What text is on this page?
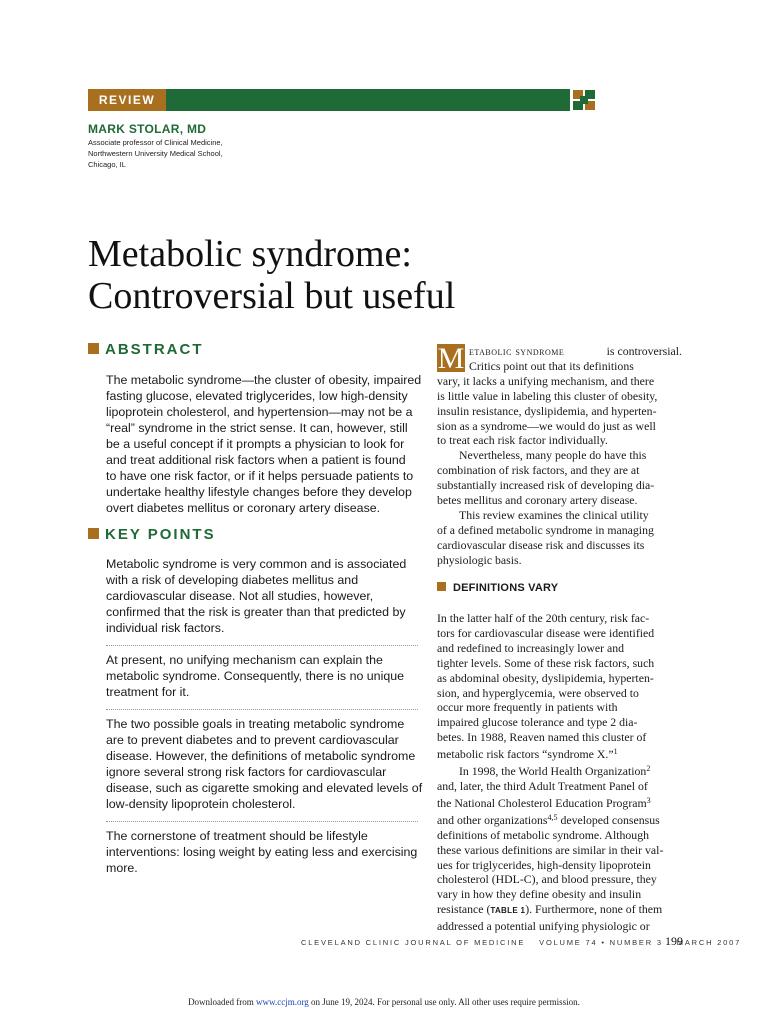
REVIEW
MARK STOLAR, MD
Associate professor of Clinical Medicine,
Northwestern University Medical School,
Chicago, IL
Metabolic syndrome:
Controversial but useful
ABSTRACT
The metabolic syndrome—the cluster of obesity, impaired
fasting glucose, elevated triglycerides, low high-density
lipoprotein cholesterol, and hypertension—may not be a
“real” syndrome in the strict sense. It can, however, still
be a useful concept if it prompts a physician to look for
and treat additional risk factors when a patient is found
to have one risk factor, or if it helps persuade patients to
undertake healthy lifestyle changes before they develop
overt diabetes mellitus or coronary artery disease.
KEY POINTS
Metabolic syndrome is very common and is associated
with a risk of developing diabetes mellitus and
cardiovascular disease. Not all studies, however,
confirmed that the risk is greater than that predicted by
individual risk factors.
At present, no unifying mechanism can explain the
metabolic syndrome. Consequently, there is no unique
treatment for it.
The two possible goals in treating metabolic syndrome
are to prevent diabetes and to prevent cardiovascular
disease. However, the definitions of metabolic syndrome
ignore several strong risk factors for cardiovascular
disease, such as cigarette smoking and elevated levels of
low-density lipoprotein cholesterol.
The cornerstone of treatment should be lifestyle
interventions: losing weight by eating less and exercising
more.
M etabolic syndrome	is controversial.
Critics point out that its definitions
vary, it lacks a unifying mechanism, and there
is little value in labeling this cluster of obesity,
insulin resistance, dyslipidemia, and hyperten-
sion as a syndrome—we would do just as well
to treat each risk factor individually.
Nevertheless, many people do have this
combination of risk factors, and they are at
substantially increased risk of developing dia-
betes mellitus and coronary artery disease.
This review examines the clinical utility
of a defined metabolic syndrome in managing
cardiovascular disease risk and discusses its
physiologic basis.
DEFINITIONS VARY
In the latter half of the 20th century, risk fac-
tors for cardiovascular disease were identified
and redefined to increasingly lower and
tighter levels. Some of these risk factors, such
as abdominal obesity, dyslipidemia, hyperten-
sion, and hyperglycemia, were observed to
occur more frequently in patients with
impaired glucose tolerance and type 2 dia-
betes. In 1988, Reaven named this cluster of
metabolic risk factors “syndrome X.”$^1$
In 1998, the World Health Organization$^2$
and, later, the third Adult Treatment Panel of
the National Cholesterol Education Program$^3$
and other organizations$^{4,5}$ developed consensus
definitions of metabolic syndrome. Although
these various definitions are similar in their val-
ues for triglycerides, high-density lipoprotein
cholesterol (HDL-C), and blood pressure, they
vary in how they define obesity and insulin
resistance (TABLE 1). Furthermore, none of them
addressed a potential unifying physiologic or
CLEVELAND CLINIC JOURNAL OF MEDICINE VOLUME 74 • NUMBER 3 MARCH 2007
199
Downloaded from www.ccjm.org on June 19, 2024. For personal use only. All other uses require permission.
